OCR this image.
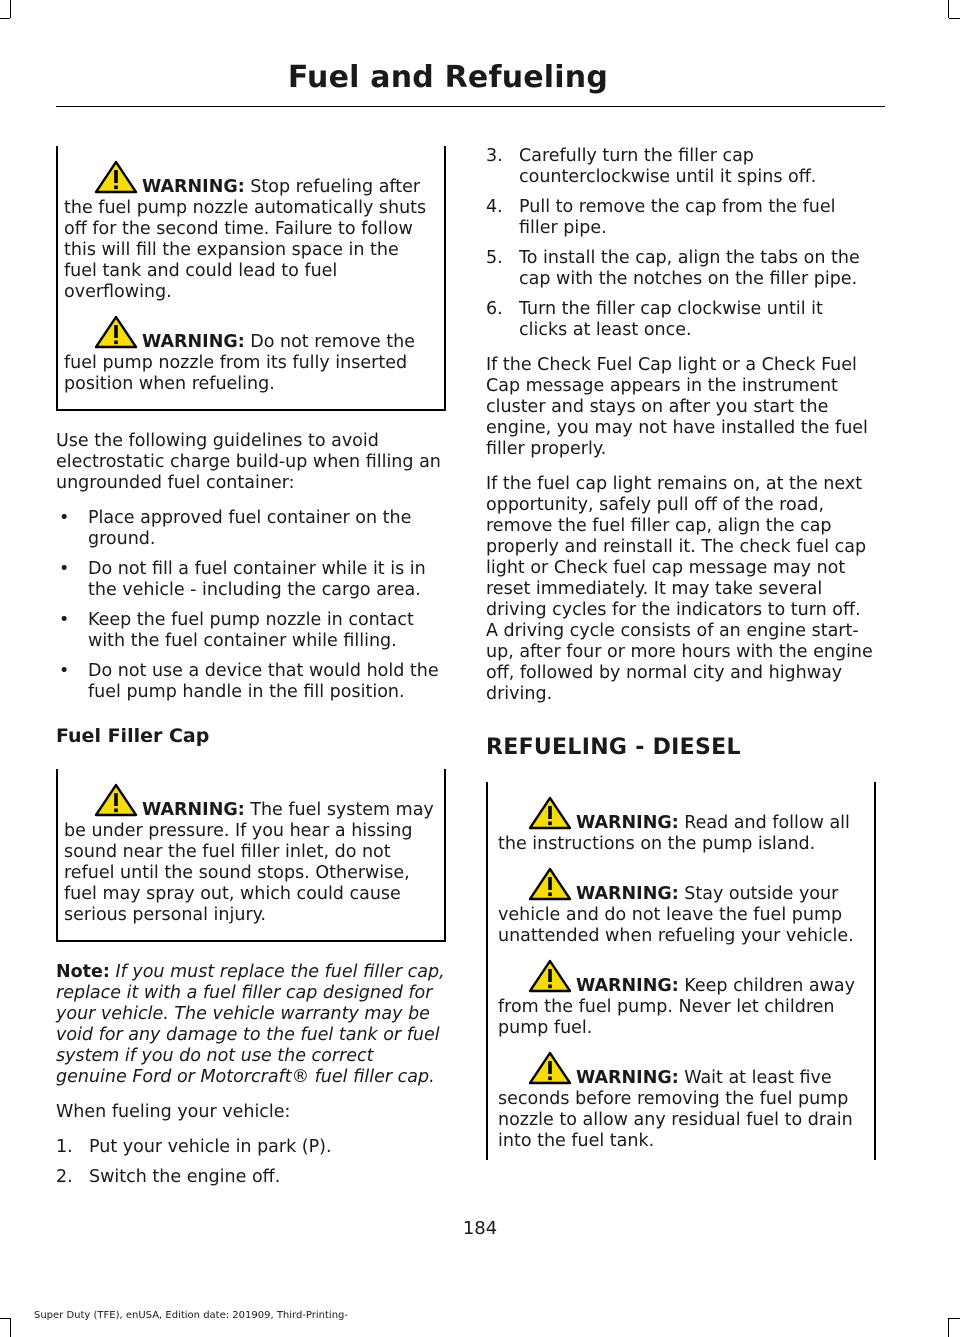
Fuel and Refueling

WARNING: Stop refueling after the fuel pump nozzle automatically shuts off for the second time. Failure to follow this will fill the expansion space in the fuel tank and could lead to fuel overflowing.

WARNING: Do not remove the fuel pump nozzle from its fully inserted position when refueling.

Use the following guidelines to avoid electrostatic charge build-up when filling an ungrounded fuel container:

• Place approved fuel container on the ground.
• Do not fill a fuel container while it is in the vehicle - including the cargo area.
• Keep the fuel pump nozzle in contact with the fuel container while filling.
• Do not use a device that would hold the fuel pump handle in the fill position.
Fuel Filler Cap

WARNING: The fuel system may be under pressure. If you hear a hissing sound near the fuel filler inlet, do not refuel until the sound stops. Otherwise, fuel may spray out, which could cause serious personal injury.

Note: If you must replace the fuel filler cap, replace it with a fuel filler cap designed for your vehicle. The vehicle warranty may be void for any damage to the fuel tank or fuel system if you do not use the correct genuine Ford or Motorcraft® fuel filler cap.

When fueling your vehicle:

1. Put your vehicle in park (P).
2. Switch the engine off.
3. Carefully turn the filler cap counterclockwise until it spins off.
4. Pull to remove the cap from the fuel filler pipe.
5. To install the cap, align the tabs on the cap with the notches on the filler pipe.
6. Turn the filler cap clockwise until it clicks at least once.

If the Check Fuel Cap light or a Check Fuel Cap message appears in the instrument cluster and stays on after you start the engine, you may not have installed the fuel filler properly.

If the fuel cap light remains on, at the next opportunity, safely pull off of the road, remove the fuel filler cap, align the cap properly and reinstall it. The check fuel cap light or Check fuel cap message may not reset immediately. It may take several driving cycles for the indicators to turn off. A driving cycle consists of an engine start-up, after four or more hours with the engine off, followed by normal city and highway driving.

REFUELING - DIESEL

WARNING: Read and follow all the instructions on the pump island.

WARNING: Stay outside your vehicle and do not leave the fuel pump unattended when refueling your vehicle.

WARNING: Keep children away from the fuel pump. Never let children pump fuel.

WARNING: Wait at least five seconds before removing the fuel pump nozzle to allow any residual fuel to drain into the fuel tank.

184

Super Duty (TFE), enUSA, Edition date: 201909, Third-Printing-
